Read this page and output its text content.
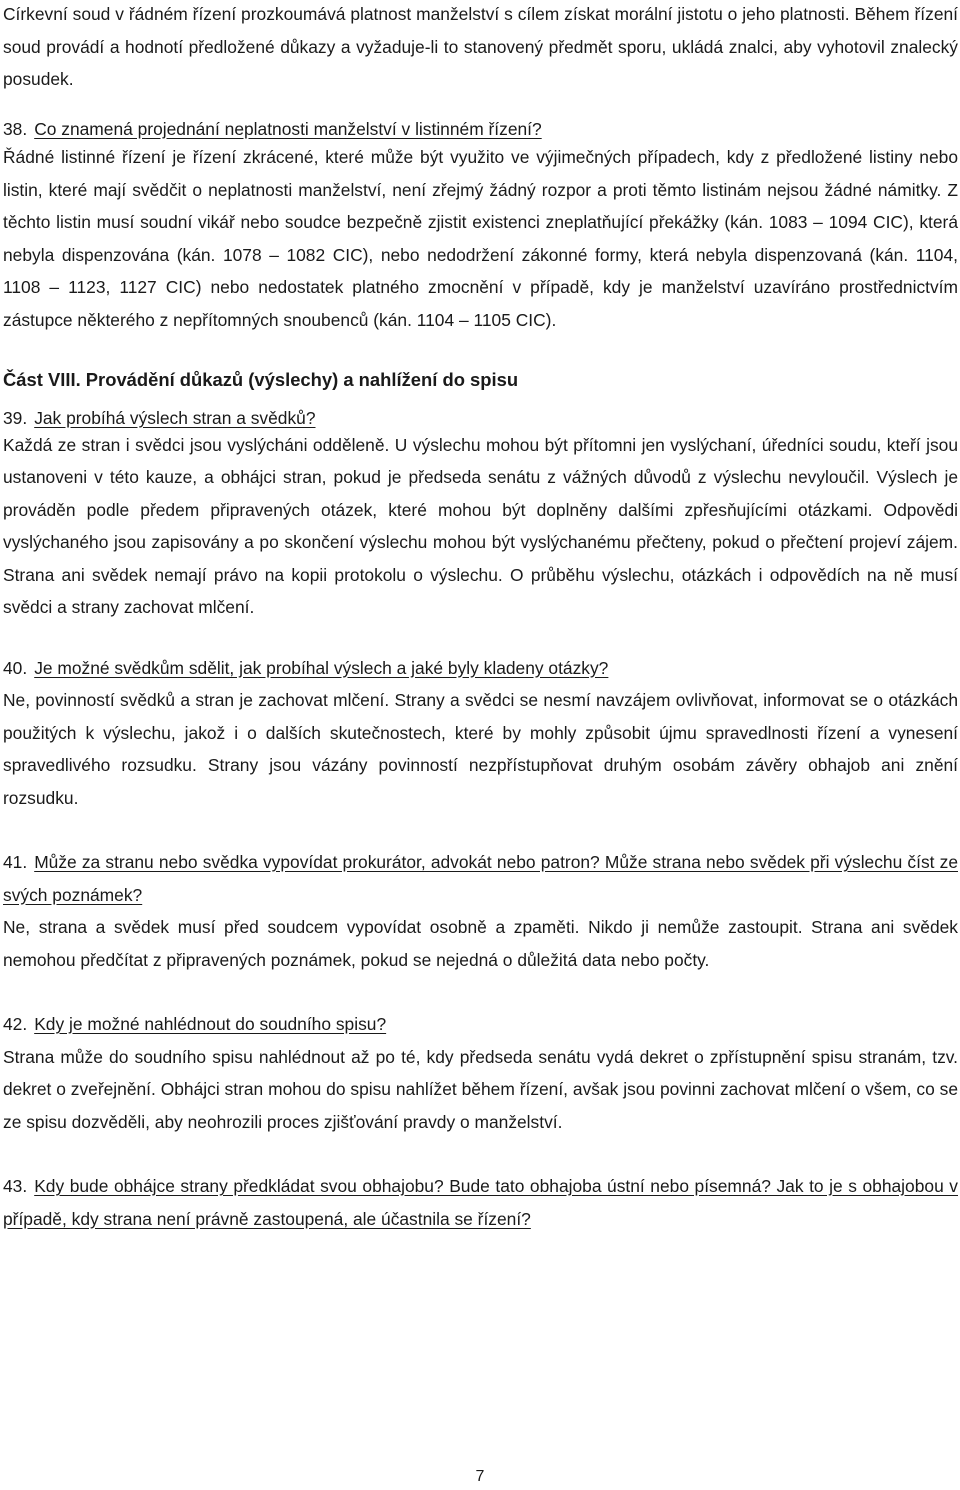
Církevní soud v řádném řízení prozkoumává platnost manželství s cílem získat morální jistotu o jeho platnosti. Během řízení soud provádí a hodnotí předložené důkazy a vyžaduje-li to stanovený předmět sporu, ukládá znalci, aby vyhotovil znalecký posudek.

38. Co znamená projednání neplatnosti manželství v listinném řízení?

Řádné listinné řízení je řízení zkrácené, které může být využito ve výjimečných případech, kdy z předložené listiny nebo listin, které mají svědčit o neplatnosti manželství, není zřejmý žádný rozpor a proti těmto listinám nejsou žádné námitky. Z těchto listin musí soudní vikář nebo soudce bezpečně zjistit existenci zneplatňující překážky (kán. 1083 – 1094 CIC), která nebyla dispenzována (kán. 1078 – 1082 CIC), nebo nedodržení zákonné formy, která nebyla dispenzovaná (kán. 1104, 1108 – 1123, 1127 CIC) nebo nedostatek platného zmocnění v případě, kdy je manželství uzavíráno prostřednictvím zástupce některého z nepřítomných snoubenců (kán. 1104 – 1105 CIC).

Část VIII. Provádění důkazů (výslechy) a nahlížení do spisu

39. Jak probíhá výslech stran a svědků?

Každá ze stran i svědci jsou vyslýcháni odděleně. U výslechu mohou být přítomni jen vyslýchaní, úředníci soudu, kteří jsou ustanoveni v této kauze, a obhájci stran, pokud je předseda senátu z vážných důvodů z výslechu nevyloučil. Výslech je prováděn podle předem připravených otázek, které mohou být doplněny dalšími zpřesňujícími otázkami. Odpovědi vyslýchaného jsou zapisovány a po skončení výslechu mohou být vyslýchanému přečteny, pokud o přečtení projeví zájem. Strana ani svědek nemají právo na kopii protokolu o výslechu. O průběhu výslechu, otázkách i odpovědích na ně musí svědci a strany zachovat mlčení.

40. Je možné svědkům sdělit, jak probíhal výslech a jaké byly kladeny otázky?

Ne, povinností svědků a stran je zachovat mlčení. Strany a svědci se nesmí navzájem ovlivňovat, informovat se o otázkách použitých k výslechu, jakož i o dalších skutečnostech, které by mohly způsobit újmu spravedlnosti řízení a vynesení spravedlivého rozsudku. Strany jsou vázány povinností nezpřístupňovat druhým osobám závěry obhajob ani znění rozsudku.

41. Může za stranu nebo svědka vypovídat prokurátor, advokát nebo patron? Může strana nebo svědek při výslechu číst ze svých poznámek?

Ne, strana a svědek musí před soudcem vypovídat osobně a zpaměti. Nikdo ji nemůže zastoupit. Strana ani svědek nemohou předčítat z připravených poznámek, pokud se nejedná o důležitá data nebo počty.

42. Kdy je možné nahlédnout do soudního spisu?

Strana může do soudního spisu nahlédnout až po té, kdy předseda senátu vydá dekret o zpřístupnění spisu stranám, tzv. dekret o zveřejnění. Obhájci stran mohou do spisu nahlížet během řízení, avšak jsou povinni zachovat mlčení o všem, co se ze spisu dozvěděli, aby neohrozili proces zjišťování pravdy o manželství.

43. Kdy bude obhájce strany předkládat svou obhajobu? Bude tato obhajoba ústní nebo písemná? Jak to je s obhajobou v případě, kdy strana není právně zastoupená, ale účastnila se řízení?

7
